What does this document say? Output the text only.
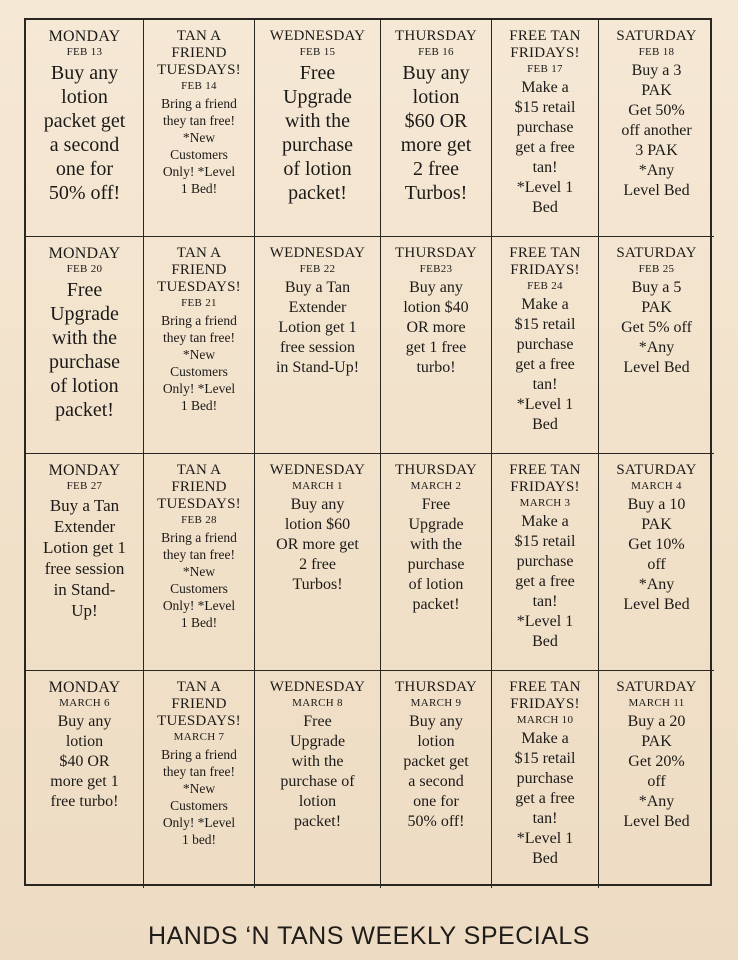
MONDAY
FEB 13
Buy any
lotion
packet get
a second
one for
50% off!
TAN A
FRIEND
TUESDAYS!
FEB 14
Bring a friend
they tan free!
*New
Customers
Only! *Level
1 Bed!
WEDNESDAY
FEB 15
Free
Upgrade
with the
purchase
of lotion
packet!
THURSDAY
FEB 16
Buy any
lotion
$60 OR
more get
2 free
Turbos!
FREE TAN
FRIDAYS!
FEB 17
Make a
$15 retail
purchase
get a free
tan!
*Level 1
Bed
SATURDAY
FEB 18
Buy a 3
PAK
Get 50%
off another
3 PAK
*Any
Level Bed
MONDAY
FEB 20
Free
Upgrade
with the
purchase
of lotion
packet!
TAN A
FRIEND
TUESDAYS!
FEB 21
Bring a friend
they tan free!
*New
Customers
Only! *Level
1 Bed!
WEDNESDAY
FEB 22
Buy a Tan
Extender
Lotion get 1
free session
in Stand-Up!
THURSDAY
FEB23
Buy any
lotion $40
OR more
get 1 free
turbo!
FREE TAN
FRIDAYS!
FEB 24
Make a
$15 retail
purchase
get a free
tan!
*Level 1
Bed
SATURDAY
FEB 25
Buy a 5
PAK
Get 5% off
*Any
Level Bed
MONDAY
FEB 27
Buy a Tan
Extender
Lotion get 1
free session
in Stand-
Up!
TAN A
FRIEND
TUESDAYS!
FEB 28
Bring a friend
they tan free!
*New
Customers
Only! *Level
1 Bed!
WEDNESDAY
MARCH 1
Buy any
lotion $60
OR more get
2 free
Turbos!
THURSDAY
MARCH 2
Free
Upgrade
with the
purchase
of lotion
packet!
FREE TAN
FRIDAYS!
MARCH 3
Make a
$15 retail
purchase
get a free
tan!
*Level 1
Bed
SATURDAY
MARCH 4
Buy a 10
PAK
Get 10%
off
*Any
Level Bed
MONDAY
MARCH 6
Buy any
lotion
$40 OR
more get 1
free turbo!
TAN A
FRIEND
TUESDAYS!
MARCH 7
Bring a friend
they tan free!
*New
Customers
Only! *Level
1 bed!
WEDNESDAY
MARCH 8
Free
Upgrade
with the
purchase of
lotion
packet!
THURSDAY
MARCH 9
Buy any
lotion
packet get
a second
one for
50% off!
FREE TAN
FRIDAYS!
MARCH 10
Make a
$15 retail
purchase
get a free
tan!
*Level 1
Bed
SATURDAY
MARCH 11
Buy a 20
PAK
Get 20%
off
*Any
Level Bed
HANDS ‘N TANS WEEKLY SPECIALS
